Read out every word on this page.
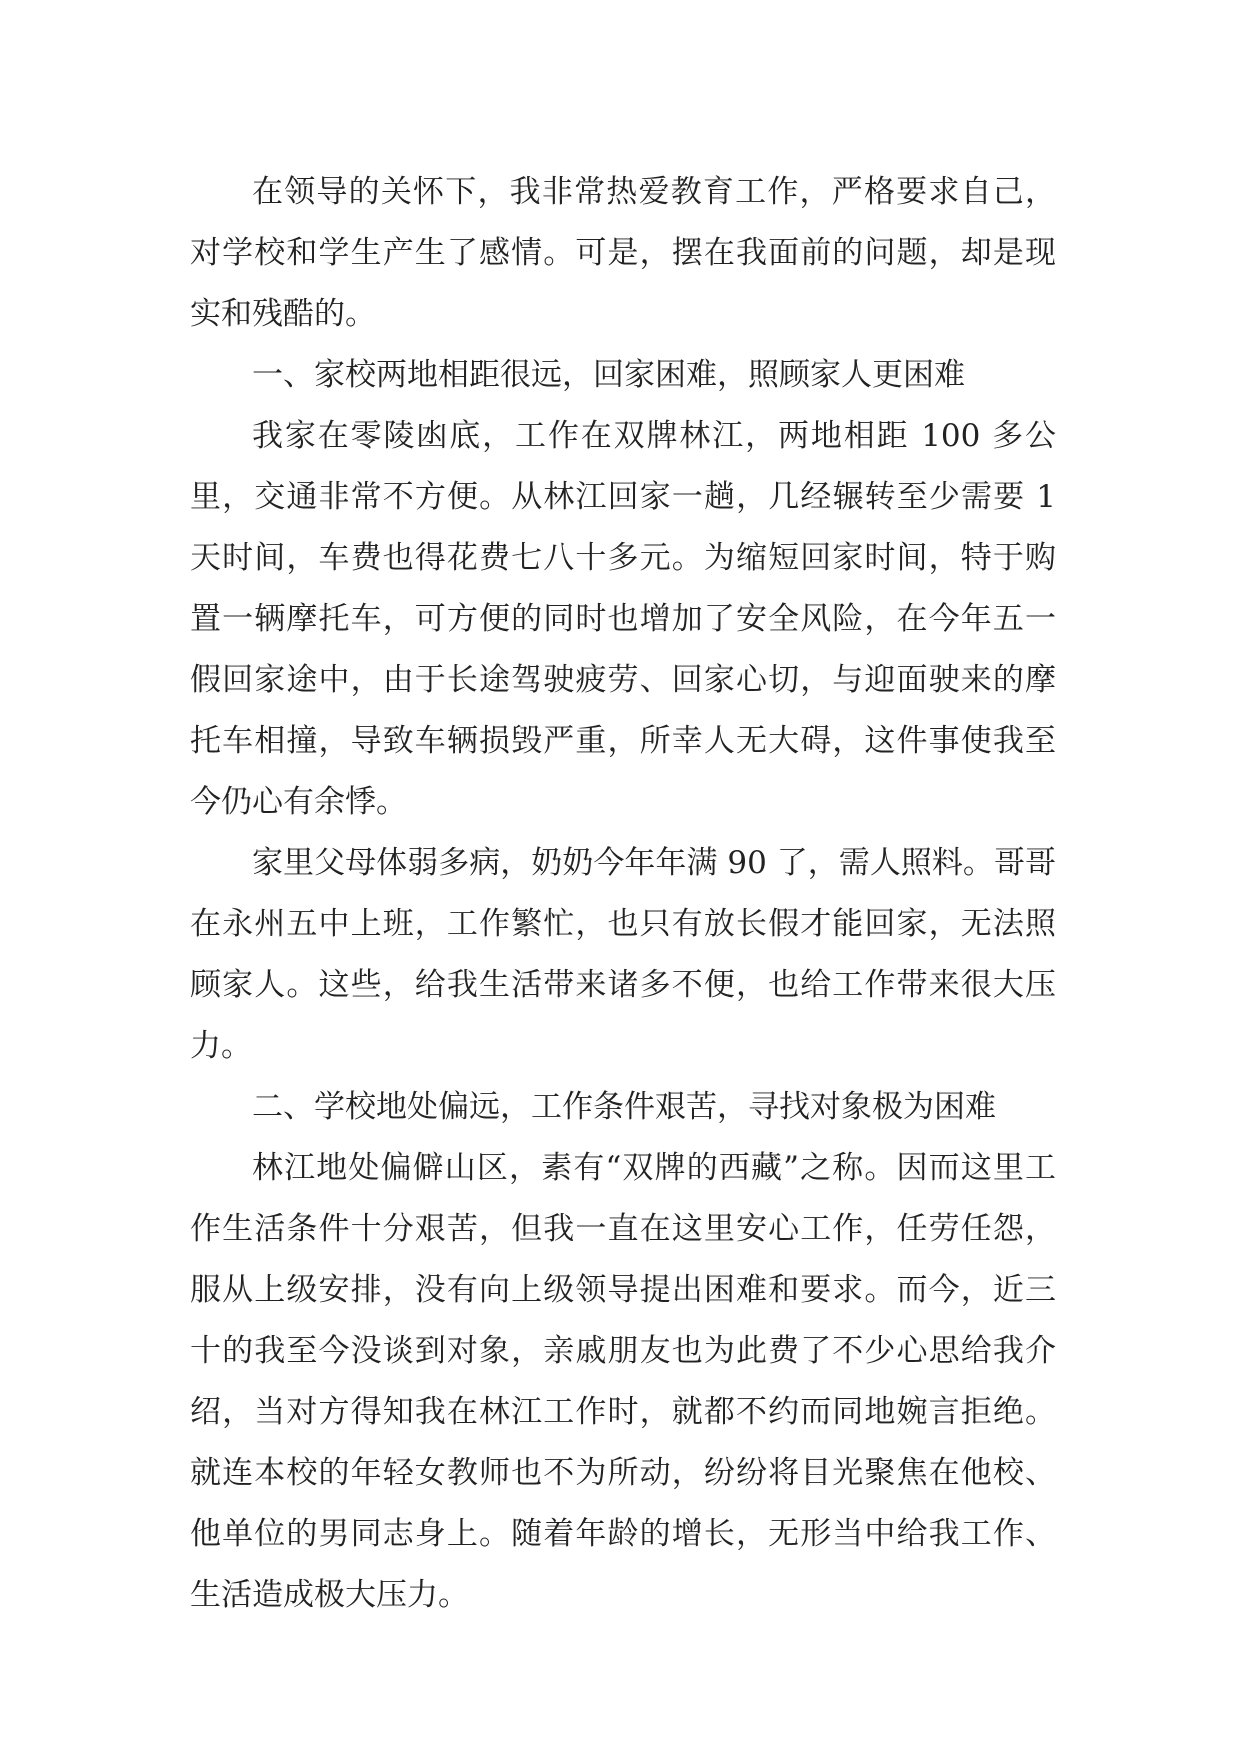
在领导的关怀下，我非常热爱教育工作，严格要求自己，对学校和学生产生了感情。可是，摆在我面前的问题，却是现实和残酷的。

一、家校两地相距很远，回家困难，照顾家人更困难

我家在零陵凼底，工作在双牌林江，两地相距 100 多公里，交通非常不方便。从林江回家一趟，几经辗转至少需要 1 天时间，车费也得花费七八十多元。为缩短回家时间，特于购置一辆摩托车，可方便的同时也增加了安全风险，在今年五一假回家途中，由于长途驾驶疲劳、回家心切，与迎面驶来的摩托车相撞，导致车辆损毁严重，所幸人无大碍，这件事使我至今仍心有余悸。

家里父母体弱多病，奶奶今年年满 90 了，需人照料。哥哥在永州五中上班，工作繁忙，也只有放长假才能回家，无法照顾家人。这些，给我生活带来诸多不便，也给工作带来很大压力。

二、学校地处偏远，工作条件艰苦，寻找对象极为困难

林江地处偏僻山区，素有“双牌的西藏”之称。因而这里工作生活条件十分艰苦，但我一直在这里安心工作，任劳任怨，服从上级安排，没有向上级领导提出困难和要求。而今，近三十的我至今没谈到对象，亲戚朋友也为此费了不少心思给我介绍，当对方得知我在林江工作时，就都不约而同地婉言拒绝。就连本校的年轻女教师也不为所动，纷纷将目光聚焦在他校、他单位的男同志身上。随着年龄的增长，无形当中给我工作、生活造成极大压力。
